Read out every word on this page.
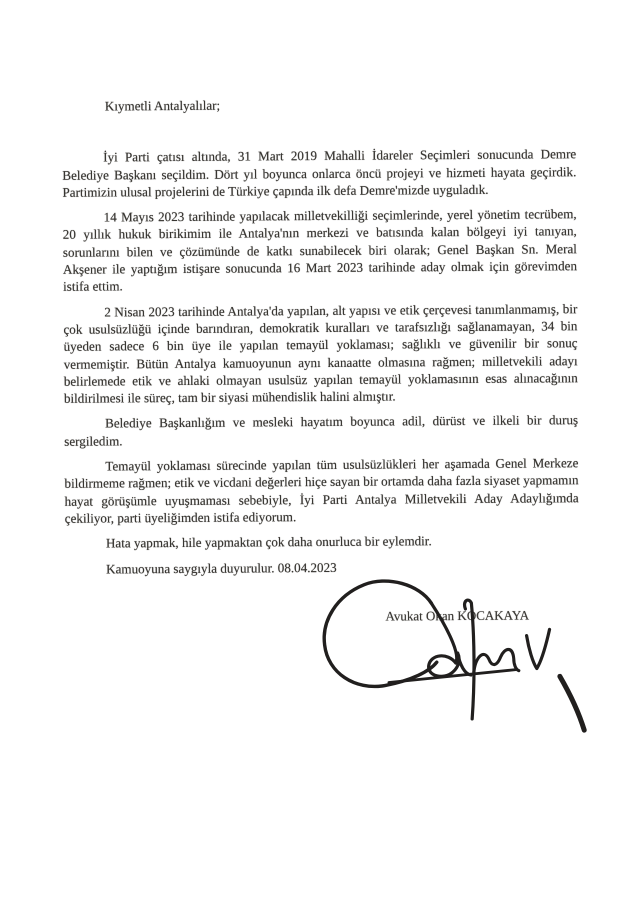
Kıymetli Antalyalılar;

İyi Parti çatısı altında, 31 Mart 2019 Mahalli İdareler Seçimleri sonucunda Demre Belediye Başkanı seçildim. Dört yıl boyunca onlarca öncü projeyi ve hizmeti hayata geçirdik. Partimizin ulusal projelerini de Türkiye çapında ilk defa Demre'mizde uyguladık.

14 Mayıs 2023 tarihinde yapılacak milletvekilliği seçimlerinde, yerel yönetim tecrübem, 20 yıllık hukuk birikimim ile Antalya'nın merkezi ve batısında kalan bölgeyi iyi tanıyan, sorunlarını bilen ve çözümünde de katkı sunabilecek biri olarak; Genel Başkan Sn. Meral Akşener ile yaptığım istişare sonucunda 16 Mart 2023 tarihinde aday olmak için görevimden istifa ettim.

2 Nisan 2023 tarihinde Antalya'da yapılan, alt yapısı ve etik çerçevesi tanımlanmamış, bir çok usulsüzlüğü içinde barındıran, demokratik kuralları ve tarafsızlığı sağlanamayan, 34 bin üyeden sadece 6 bin üye ile yapılan temayül yoklaması; sağlıklı ve güvenilir bir sonuç vermemiştir. Bütün Antalya kamuoyunun aynı kanaatte olmasına rağmen; milletvekili adayı belirlemede etik ve ahlaki olmayan usulsüz yapılan temayül yoklamasının esas alınacağının bildirilmesi ile süreç, tam bir siyasi mühendislik halini almıştır.

Belediye Başkanlığım ve mesleki hayatım boyunca adil, dürüst ve ilkeli bir duruş sergiledim.

Temayül yoklaması sürecinde yapılan tüm usulsüzlükleri her aşamada Genel Merkeze bildirmeme rağmen; etik ve vicdani değerleri hiçe sayan bir ortamda daha fazla siyaset yapmamın hayat görüşümle uyuşmaması sebebiyle, İyi Parti Antalya Milletvekili Aday Adaylığımda çekiliyor, parti üyeliğimden istifa ediyorum.

Hata yapmak, hile yapmaktan çok daha onurluca bir eylemdir.

Kamuoyuna saygıyla duyurulur. 08.04.2023

Avukat Okan KOCAKAYA
